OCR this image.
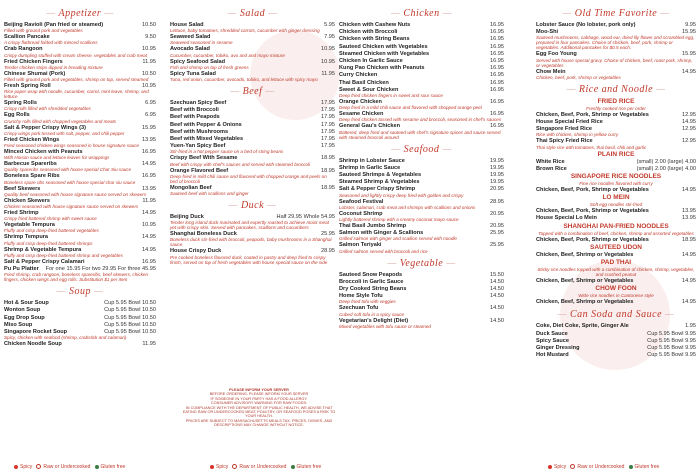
— Appetizer —
Beijing Ravioli (Pan fried or steamed)	10.50
Filled with ground pork and vegetables
Scallion Pancake	9.50
A crispy flatbread folded with minced scallions
Crab Rangoon	10.95
Crispy dumpling stuffed with cream cheese, vegetables and crab meat
Fried Chicken Fingers	11.95
Tender chicken strips dipped in breading mixture
Chinese Shumai (Pork)	10.50
Filled with ground pork and vegetables, shrimp on top, served steamed
Fresh Spring Roll	10.95
Rice paper wrap with noodle, cucumber, carrot, mint leave, shrimp, and lettuce
Spring Rolls	6.95
Crispy rolls filled with shredded vegetables
Egg Rolls	6.95
Crunchy rolls filled with chopped vegetables and meats
Salt & Pepper Crispy Wings (3)	15.95
Crispy wings pork tossed with salt, pepper, and chili pepper
Fried Chicken Wings	13.95
Fried seasoned chicken wings seasoned in house signature sauce
Minced Chicken with Peanuts	16.95
With Hoison sauce and lettuce leaves for wrappings
Barbecue Spareribs	14.95
Quality spareribs seasoned with house special Char Siu sauce
Boneless Spare Ribs	16.95
Boneless spare ribs seasoned with house special char siu sauce
Beef Skewers	13.95
Quality beef seasoned with house signature sauce served on skewers
Chicken Skewers	11.95
Chicken seasoned with house signature sauce served on skewers
Fried Shrimp	14.95
Crispy fried battered shrimp with sweet sauce
Vegetable Tempura	10.95
Fluffy and crisp deep-fried battered vegetables
Shrimp Tempura	14.95
Fluffy and crisp deep-fried battered shrimps
Shrimp & Vegetable Tempura	14.95
Fluffy and crisp deep-fried battered shrimp and vegetables
Salt & Pepper Crispy Calamari	16.95
Pu Pu Platter For one 15.95 For two 29.95 For three 45.95
Fried shrimp, crab rangoon, boneless spareribs, beef skewers, chicken fingers, chicken wings and egg rolls. Substitution $1 per item
— Soup —
Hot & Sour Soup	Cup 5.95 Bowl 10.50
Wonton Soup	Cup 5.95 Bowl 10.50
Egg Drop Soup	Cup 5.95 Bowl 10.50
Miso Soup	Cup 5.95 Bowl 10.50
Singapore Rocket Soup	Cup 5.95 Bowl 10.50
Spicy, chicken with seafood (shrimp, crabstick and calamari)
Chicken Noodle Soup	11.95
— Salad —
House Salad	5.95
Lettuce, baby tomatoes, shredded carrots, cucumber with ginger dressing
Seaweed Salad	7.95
Seaweed seasoned in sesame
Avocado Salad	10.95
Cucumber, cucumber, tobiko, avo and and mayo mixture
Spicy Seafood Salad	10.95
Fish and shrimp on top of fresh greens
Spicy Tuna Salad	11.95
Tuna, red onion, cucumber, avocado, tobiko, and lettuce with spicy mayo
— Beef —
Szechuan Spicy Beef	17.95
Beef with Broccoli	17.95
Beef with Peapods	17.95
Beef with Pepper & Onions	17.95
Beef with Mushrooms	17.95
Beef with Mixed Vegetables	17.95
Yuen-Yan Spicy Beef	17.95
Stir-fried in a hot pepper sauce on a bed of string beans
Crispy Beef With Sesame	18.95
Beef with crispy with chef's sauces and served with steamed broccoli
Orange Flavored Beef	18.95
Deep-fried in mild chili sauce and flavored with chopped orange and peels on bed of broccoli
Mongolian Beef	18.95
Sauteed beef with scallions and ginger
— Duck —
Beijing Duck	Half 29.95 Whole 54.95
Tender long island duck marinated and expertly roasted to achieve moist meat yet with crispy skin. Served with pancakes, scallions and cucumbers
Shanghai Boneless Duck	25.95
Boneless duck stir-fried with broccoli, peapods, baby mushrooms in a Shanghai sauce
House Crispy Duck	28.95
Pre cooked boneless flavored duck, coated in pastry and deep fried to crispy finish, served on top of fresh vegetables with house special sauce on the side
PLEASE INFORM YOUR SERVER
BEFORE ORDERING, PLEASE INFORM YOUR SERVER
IF SOMEONE IN YOUR PARTY HAS A FOOD ALLERGY.
CONSUMER ADVISORY WARNING FOR RAW FOODS:
IN COMPLIANCE WITH THE DEPARTMENT OF PUBLIC HEALTH, WE ADVISE THAT EATING RAW OR UNDERCOOKED MEAT, POULTRY, OR SEAFOOD POSES A RISK TO YOUR HEALTH.
PRICES ARE SUBJECT TO MASSACHUSETTS MEALS TAX. PRICES, DISHES, AND DESCRIPTIONS MAY CHANGE WITHOUT NOTICE.
— Chicken —
Chicken with Cashew Nuts	16.95
Chicken with Broccoli	16.95
Chicken with String Beans	16.95
Sauteed Chicken with Vegetables	16.95
Steamed Chicken with Vegetables	16.95
Chicken In Garlic Sauce	16.95
Kung Pao Chicken with Peanuts	16.95
Curry Chicken	16.95
Thai Basil Chicken	16.95
Sweet & Sour Chicken	16.95
Deep fried chicken fingers in sweet and sour sauce
Orange Chicken	16.95
Deep fried in a mild chili sauce and flavored with chopped orange peel
Sesame Chicken	16.95
Deep fried chicken tossed with sesame and broccoli, seasoned in chef's sauces
General Gau's Chicken	16.95
Battered, deep fried and sauteed with chef's signature spices and sauce served with steamed broccoli around
— Seafood —
Shrimp in Lobster Sauce	19.95
Shrimp in Garlic Sauce	19.95
Sauteed Shrimps & Vegetables	19.95
Steamed Shrimp & Vegetables	19.95
Salt & Pepper Crispy Shrimp	20.95
Seasoned and lightly crispy deep fried with golden and crispy
Seafood Festival	28.95
Lobster, calamari, crab meat and shrimps with scallions and onions
Coconut Shrimp	20.95
Lightly battered shrimp with a creamy coconut mayo sauce
Thai Basil Jumbo Shrimp	20.95
Salmon with Ginger & Scallions	25.95
Grilled salmon with ginger and scallion served with noodle
Salmon Teriyaki	25.95
Grilled salmon served with broccoli and rice
— Vegetable —
Sauteed Snow Peapods	15.50
Broccoli in Garlic Sauce	14.50
Dry Cooked String Beans	14.50
Home Style Tofu	14.50
Deep fried tofu with veggies
Szechuan Tofu	14.50
Cubed soft tofu in a spicy sauce
Vegetarian's Delight (Diet)	14.50
Mixed vegetables with tofu sauce or steamed
— Old Time Favorite —
Lobster Sauce (No lobster, pork only)	9.95
Moo-Shi	15.95
Sauteed mushrooms, cabbage, wood ear, dried lily flower and scrambled egg, prepared in four pancakes. Choice of chicken, beef, pork, shrimp or vegetables. Additional pancakes for $0.5 each.
Egg Foo Young	15.95
Served with house special gravy. Choice of chicken, beef, roast pork, shrimp, or vegetables
Chow Mein	14.95
Chicken, beef, pork, shrimp or vegetables
— Rice and Noodle —
FRIED RICE
Freshly cooked rice per order
Chicken, Beef, Pork, Shrimp or Vegetables	12.95
House Special Fried Rice	14.95
Singapore Fried Rice	12.95
Rice with chicken, shrimp in yellow curry
Thai Spicy Fried Rice	12.95
Thai style rice with tomatoes, thai basil, chili and garlic
PLAIN RICE
White Rice	(small) 2.00 (large) 4.00
Brown Rice	(small) 2.00 (large) 4.00
SINGAPORE RICE NOODLES
Fine rice noodles flavored with curry
Chicken, Beef, Pork, Shrimp or Vegetables	14.95
LO MEIN
Soft egg noodles stir-fried
Chicken, Beef, Pork, Shrimp or Vegetables	13.95
House Special Lo Mein	13.95
SHANGHAI PAN-FRIED NOODLES
Topped with a combination of beef, chicken, shrimp and assorted vegetables
Chicken, Beef, Pork, Shrimp or Vegetables	18.95
SAUTEED UDON
Chicken, Beef, Shrimp or Vegetables	14.95
PAD THAI
Sticky rice noodles topped with a combination of chicken, shrimp, vegetables, and crushed peanut
Chicken, Beef, Shrimp or Vegetables	14.95
CHOW FOON
Wide rice noodles in Cantonese style
Chicken, Beef, Shrimp or Vegetables	14.95
— Can Soda and Sauce —
Coke, Diet Coke, Sprite, Ginger Ale	1.95
Duck Sauce	Cup 5.95 Bowl 9.95
Spicy Sauce	Cup 5.95 Bowl 9.95
Ginger Dressing	Cup 5.95 Bowl 9.95
Hot Mustard	Cup 5.95 Bowl 9.95
Spicy Raw or Undercooked Gluten free	Spicy Raw or Undercooked Gluten free	Spicy Raw or Undercooked Gluten free
